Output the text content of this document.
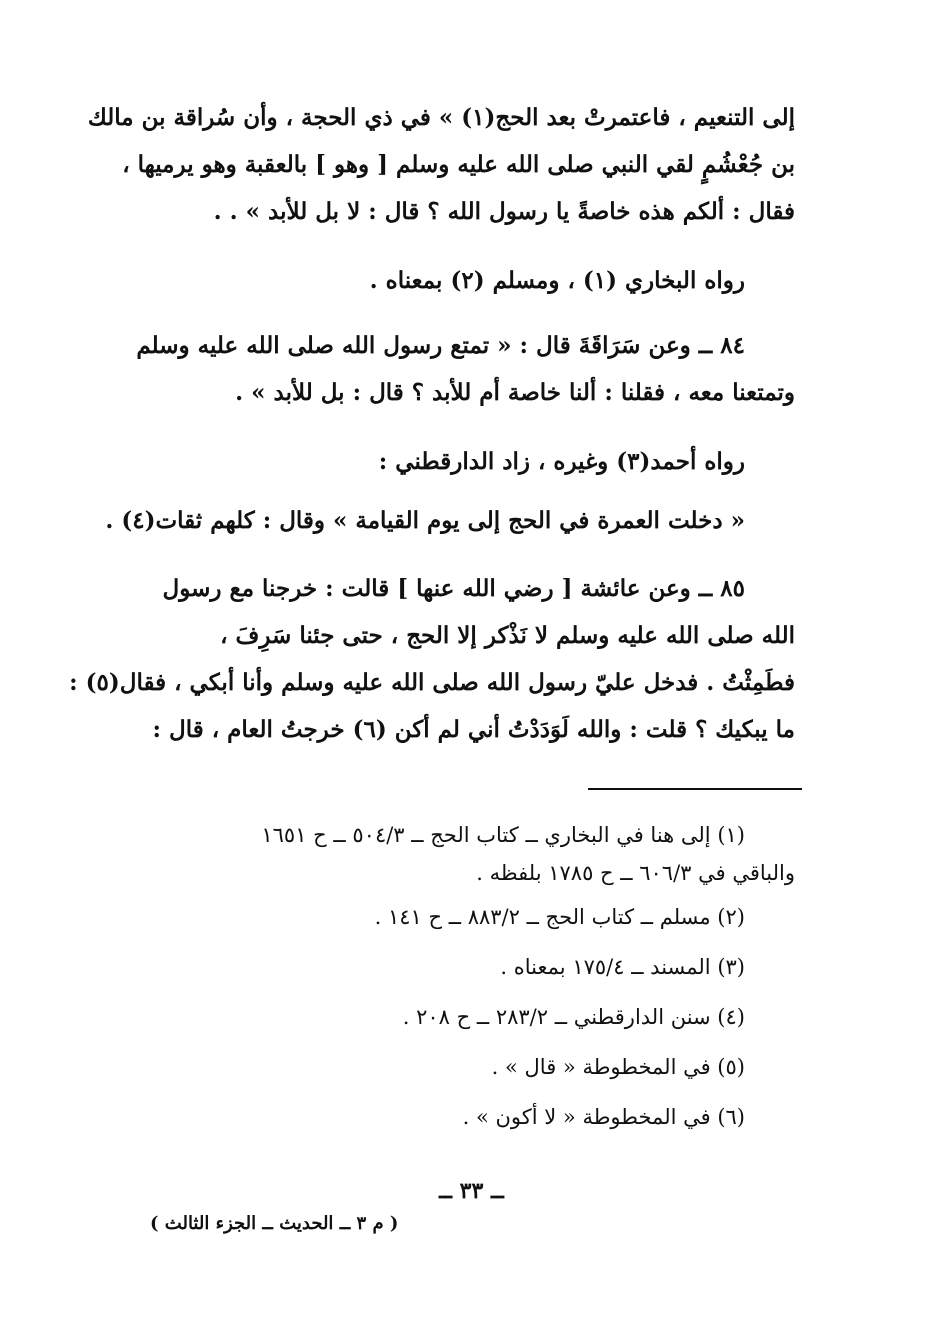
إلى التنعيم ، فاعتمرتْ بعد الحج(١) » في ذي الحجة ، وأن سُراقة بن مالك
بن جُعْشُمٍ لقي النبي صلى الله عليه وسلم [ وهو ] بالعقبة وهو يرميها ،
فقال : ألكم هذه خاصةً يا رسول الله ؟ قال : لا بل للأبد » . .
رواه البخاري (١) ، ومسلم (٢) بمعناه .
٨٤ ــ وعن سَرَاقَةَ قال : « تمتع رسول الله صلى الله عليه وسلم
وتمتعنا معه ، فقلنا : ألنا خاصة أم للأبد ؟ قال : بل للأبد » .
رواه أحمد(٣) وغيره ، زاد الدارقطني :
« دخلت العمرة في الحج إلى يوم القيامة » وقال : كلهم ثقات(٤) .
٨٥ ــ وعن عائشة [ رضي الله عنها ] قالت : خرجنا مع رسول
الله صلى الله عليه وسلم لا نَذْكر إلا الحج ، حتى جئنا سَرِفَ ،
فطَمِثْتُ . فدخل عليّ رسول الله صلى الله عليه وسلم وأنا أبكي ، فقال(٥) :
ما يبكيك ؟ قلت : والله لَوَدَدْتُ أني لم أكن (٦) خرجتُ العام ، قال :
(١) إلى هنا في البخاري ــ كتاب الحج ــ ٥٠٤/٣ ــ ح ١٦٥١
والباقي في ٦٠٦/٣ ــ ح ١٧٨٥ بلفظه .
(٢) مسلم ــ كتاب الحج ــ ٨٨٣/٢ ــ ح ١٤١ .
(٣) المسند ــ ١٧٥/٤ بمعناه .
(٤) سنن الدارقطني ــ ٢٨٣/٢ ــ ح ٢٠٨ .
(٥) في المخطوطة « قال » .
(٦) في المخطوطة « لا أكون » .
ــ ٣٣ ــ
( م ٣ ــ الحديث ــ الجزء الثالث )
